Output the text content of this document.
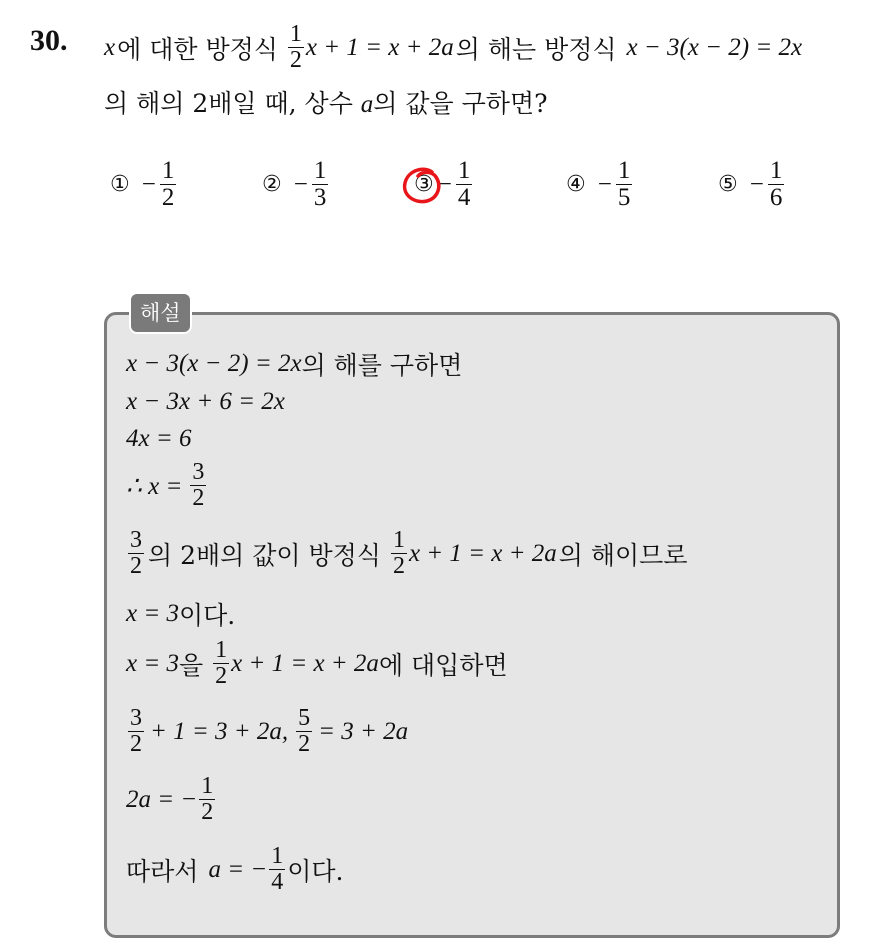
30. x 에 대한 방정식 $\frac{1}{2}$ x + 1 = x + 2a 의 해는 방정식 x − 3(x − 2) = 2x
의 해의 2배일 때, 상수 a의 값을 구하면?
① − $\frac{1}{2}$	② − $\frac{1}{3}$	③ − $\frac{1}{4}$	④ − $\frac{1}{5}$	⑤ − $\frac{1}{6}$
해설
x − 3(x − 2) = 2x 의 해를 구하면
x − 3x + 6 = 2x
4x = 6
∴ $x = \frac{3}{2}$
$\frac{3}{2}$ 의 2배의 값이 방정식 $\frac{1}{2}$ x + 1 = x + 2a 의 해이므로
x = 3 이다.
x = 3 을 $\frac{1}{2}$ x + 1 = x + 2a 에 대입하면
$\frac{3}{2} + 1 = 3 + 2a$, $\frac{5}{2} = 3 + 2a$
2a = − $\frac{1}{2}$
따라서 a = − $\frac{1}{4}$ 이다.
